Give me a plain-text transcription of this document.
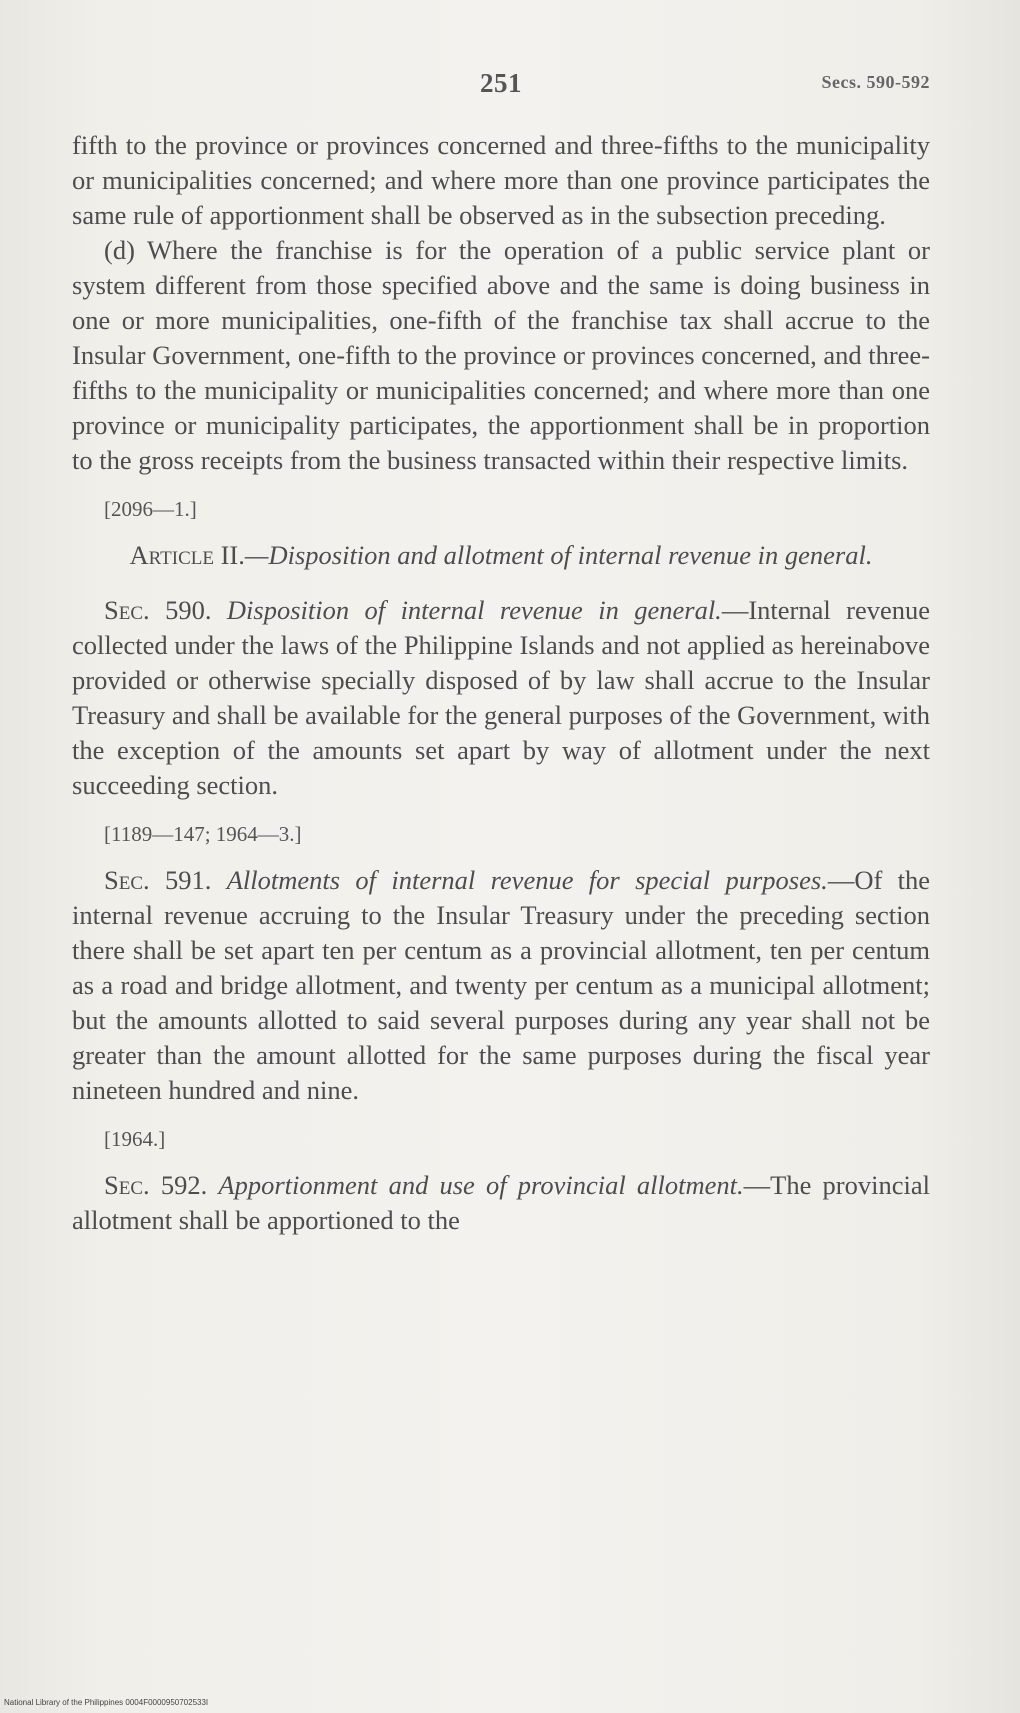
251	Secs. 590-592

fifth to the province or provinces concerned and three-fifths to the municipality or municipalities concerned; and where more than one province participates the same rule of apportionment shall be observed as in the subsection preceding.

(d) Where the franchise is for the operation of a public service plant or system different from those specified above and the same is doing business in one or more municipalities, one-fifth of the franchise tax shall accrue to the Insular Government, one-fifth to the province or provinces concerned, and three-fifths to the municipality or municipalities concerned; and where more than one province or municipality participates, the apportionment shall be in proportion to the gross receipts from the business transacted within their respective limits.

[2096—1.]
Article II.—Disposition and allotment of internal revenue in general.

Sec. 590. Disposition of internal revenue in general.—Internal revenue collected under the laws of the Philippine Islands and not applied as hereinabove provided or otherwise specially disposed of by law shall accrue to the Insular Treasury and shall be available for the general purposes of the Government, with the exception of the amounts set apart by way of allotment under the next succeeding section.

[1189—147; 1964—3.]

Sec. 591. Allotments of internal revenue for special purposes.—Of the internal revenue accruing to the Insular Treasury under the preceding section there shall be set apart ten per centum as a provincial allotment, ten per centum as a road and bridge allotment, and twenty per centum as a municipal allotment; but the amounts allotted to said several purposes during any year shall not be greater than the amount allotted for the same purposes during the fiscal year nineteen hundred and nine.

[1964.]

Sec. 592. Apportionment and use of provincial allotment.—The provincial allotment shall be apportioned to the

National Library of the Philippines 0004F0000950702533I
